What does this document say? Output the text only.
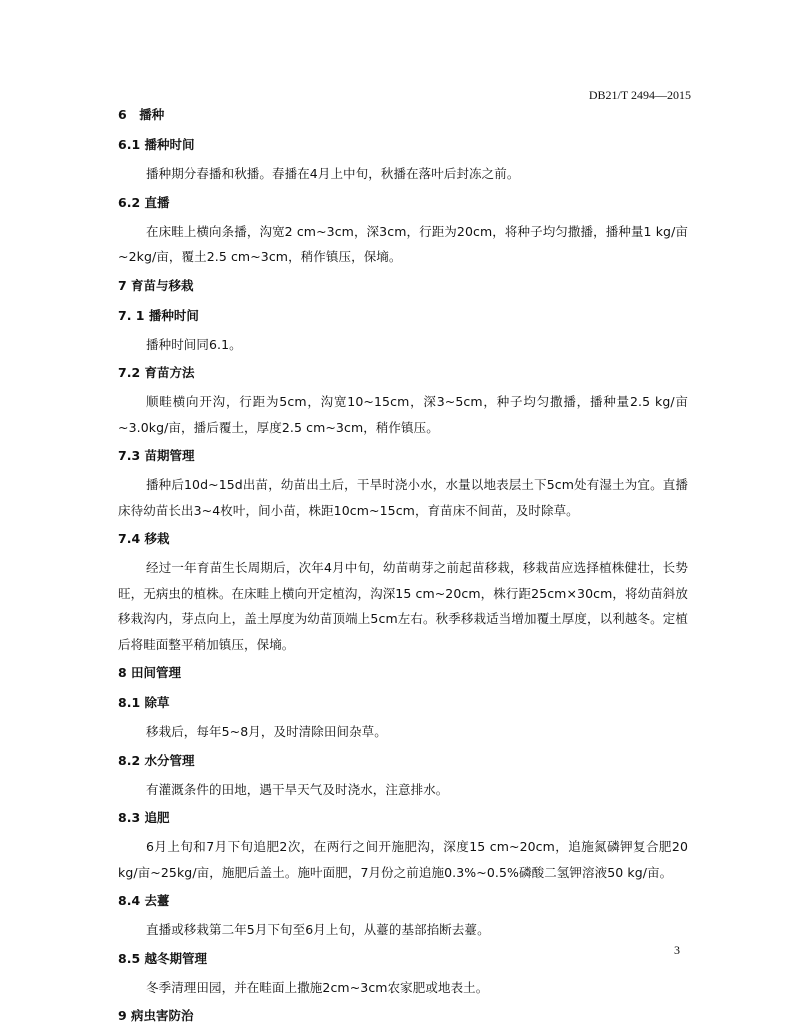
DB21/T 2494—2015
6　播种
6.1 播种时间

播种期分春播和秋播。春播在4月上中旬，秋播在落叶后封冻之前。

6.2 直播

在床畦上横向条播，沟宽2 cm~3cm，深3cm，行距为20cm，将种子均匀撒播，播种量1 kg/亩~2kg/亩，覆土2.5 cm~3cm，稍作镇压，保墒。

7 育苗与移栽
7. 1 播种时间

播种时间同6.1。

7.2 育苗方法

顺畦横向开沟，行距为5cm，沟宽10~15cm，深3~5cm，种子均匀撒播，播种量2.5 kg/亩~3.0kg/亩，播后覆土，厚度2.5 cm~3cm，稍作镇压。

7.3 苗期管理

播种后10d~15d出苗，幼苗出土后，干旱时浇小水，水量以地表层土下5cm处有湿土为宜。直播床待幼苗长出3~4枚叶，间小苗，株距10cm~15cm，育苗床不间苗，及时除草。

7.4 移栽

经过一年育苗生长周期后，次年4月中旬，幼苗萌芽之前起苗移栽，移栽苗应选择植株健壮，长势旺，无病虫的植株。在床畦上横向开定植沟，沟深15 cm~20cm，株行距25cm×30cm，将幼苗斜放移栽沟内，芽点向上，盖土厚度为幼苗顶端上5cm左右。秋季移栽适当增加覆土厚度，以利越冬。定植后将畦面整平稍加镇压，保墒。

8 田间管理
8.1 除草

移栽后，每年5~8月，及时清除田间杂草。

8.2 水分管理

有灌溉条件的田地，遇干旱天气及时浇水，注意排水。

8.3 追肥

6月上旬和7月下旬追肥2次，在两行之间开施肥沟，深度15 cm~20cm，追施氮磷钾复合肥20 kg/亩~25kg/亩，施肥后盖土。施叶面肥，7月份之前追施0.3%~0.5%磷酸二氢钾溶液50 kg/亩。

8.4 去薹

直播或移栽第二年5月下旬至6月上旬，从薹的基部掐断去薹。

8.5 越冬期管理

冬季清理田园，并在畦面上撒施2cm~3cm农家肥或地表土。

9 病虫害防治
3
